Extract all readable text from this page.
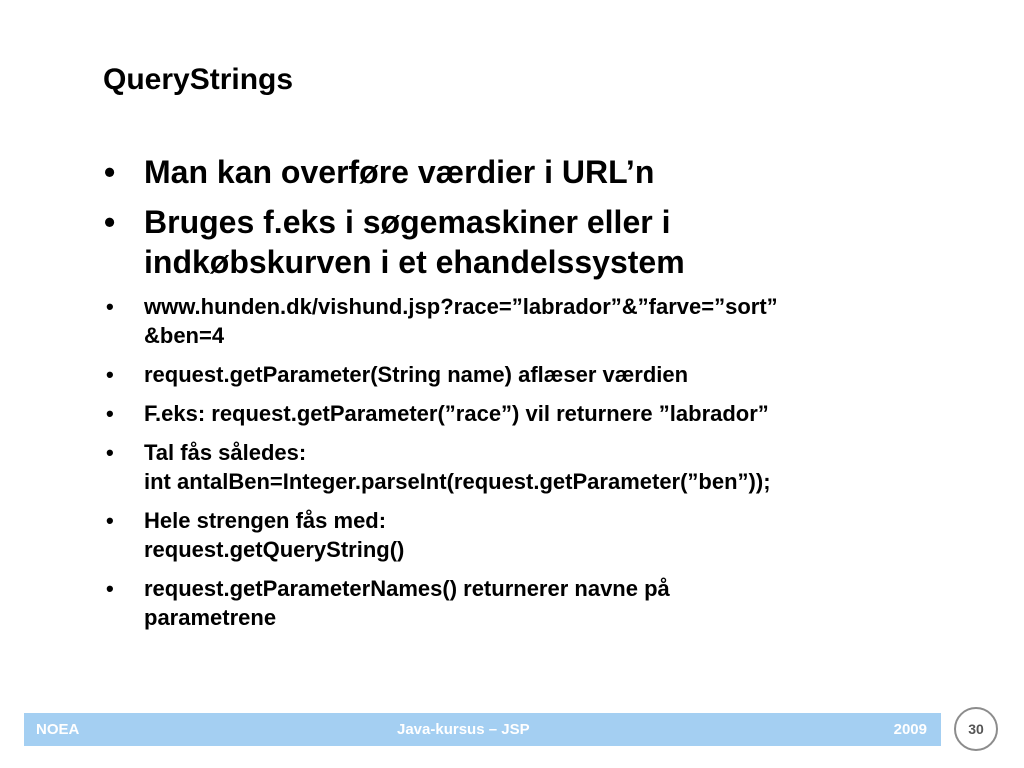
QueryStrings
• Man kan overføre værdier i URL’n
• Bruges f.eks i søgemaskiner eller i
indkøbskurven i et ehandelssystem
• www.hunden.dk/vishund.jsp?race=”labrador”&”farve=”sort”
&ben=4
• request.getParameter(String name) aflæser værdien
• F.eks: request.getParameter(”race”) vil returnere ”labrador”
• Tal fås således:
int antalBen=Integer.parseInt(request.getParameter(”ben”));
• Hele strengen fås med:
request.getQueryString()
• request.getParameterNames() returnerer navne på
parametrene
NOEA	Java-kursus – JSP	2009	30
